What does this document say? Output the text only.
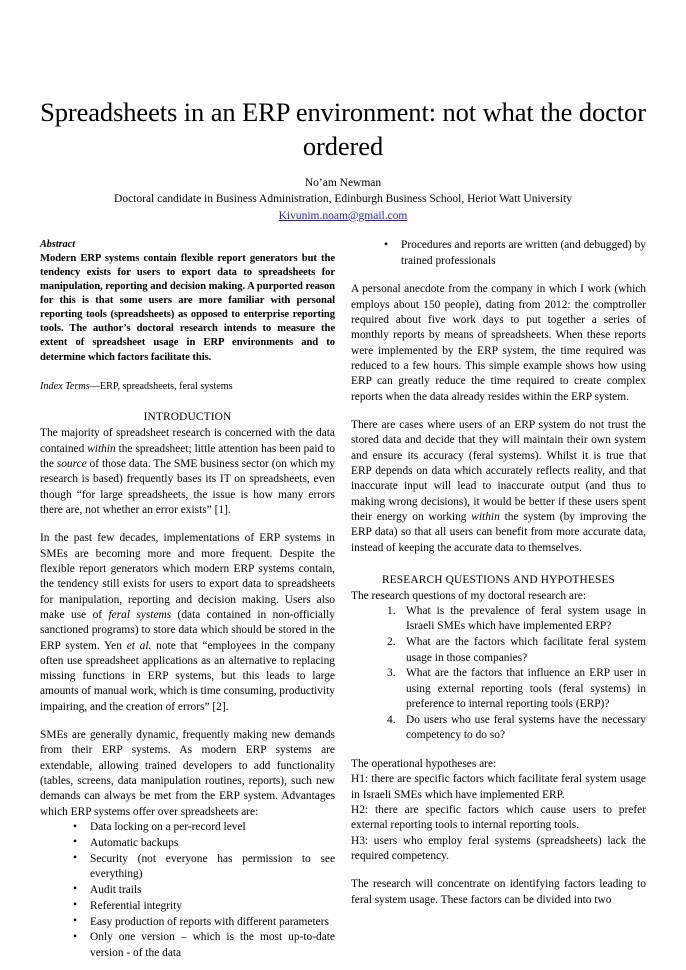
Spreadsheets in an ERP environment: not what the doctor ordered
No’am Newman
Doctoral candidate in Business Administration, Edinburgh Business School, Heriot Watt University
Kivunim.noam@gmail.com
Abstract

Modern ERP systems contain flexible report generators but the tendency exists for users to export data to spreadsheets for manipulation, reporting and decision making. A purported reason for this is that some users are more familiar with personal reporting tools (spreadsheets) as opposed to enterprise reporting tools. The author’s doctoral research intends to measure the extent of spreadsheet usage in ERP environments and to determine which factors facilitate this.

Index Terms—ERP, spreadsheets, feral systems

INTRODUCTION

The majority of spreadsheet research is concerned with the data contained within the spreadsheet; little attention has been paid to the source of those data. The SME business sector (on which my research is based) frequently bases its IT on spreadsheets, even though “for large spreadsheets, the issue is how many errors there are, not whether an error exists” [1].

In the past few decades, implementations of ERP systems in SMEs are becoming more and more frequent. Despite the flexible report generators which modern ERP systems contain, the tendency still exists for users to export data to spreadsheets for manipulation, reporting and decision making. Users also make use of feral systems (data contained in non-officially sanctioned programs) to store data which should be stored in the ERP system. Yen et al. note that “employees in the company often use spreadsheet applications as an alternative to replacing missing functions in ERP systems, but this leads to large amounts of manual work, which is time consuming, productivity impairing, and the creation of errors” [2].

SMEs are generally dynamic, frequently making new demands from their ERP systems. As modern ERP systems are extendable, allowing trained developers to add functionality (tables, screens, data manipulation routines, reports), such new demands can always be met from the ERP system. Advantages which ERP systems offer over spreadsheets are:

• Data locking on a per-record level
• Automatic backups
• Security (not everyone has permission to see everything)
• Audit trails
• Referential integrity
• Easy production of reports with different parameters
• Only one version – which is the most up-to-date version - of the data
• Procedures and reports are written (and debugged) by trained professionals

A personal anecdote from the company in which I work (which employs about 150 people), dating from 2012: the comptroller required about five work days to put together a series of monthly reports by means of spreadsheets. When these reports were implemented by the ERP system, the time required was reduced to a few hours. This simple example shows how using ERP can greatly reduce the time required to create complex reports when the data already resides within the ERP system.

There are cases where users of an ERP system do not trust the stored data and decide that they will maintain their own system and ensure its accuracy (feral systems). Whilst it is true that ERP depends on data which accurately reflects reality, and that inaccurate input will lead to inaccurate output (and thus to making wrong decisions), it would be better if these users spent their energy on working within the system (by improving the ERP data) so that all users can benefit from more accurate data, instead of keeping the accurate data to themselves.

RESEARCH QUESTIONS AND HYPOTHESES

The research questions of my doctoral research are:

What is the prevalence of feral system usage in Israeli SMEs which have implemented ERP?
What are the factors which facilitate feral system usage in those companies?
What are the factors that influence an ERP user in using external reporting tools (feral systems) in preference to internal reporting tools (ERP)?
Do users who use feral systems have the necessary competency to do so?

The operational hypotheses are:

H1: there are specific factors which facilitate feral system usage in Israeli SMEs which have implemented ERP.

H2: there are specific factors which cause users to prefer external reporting tools to internal reporting tools.

H3: users who employ feral systems (spreadsheets) lack the required competency.

The research will concentrate on identifying factors leading to feral system usage. These factors can be divided into two
